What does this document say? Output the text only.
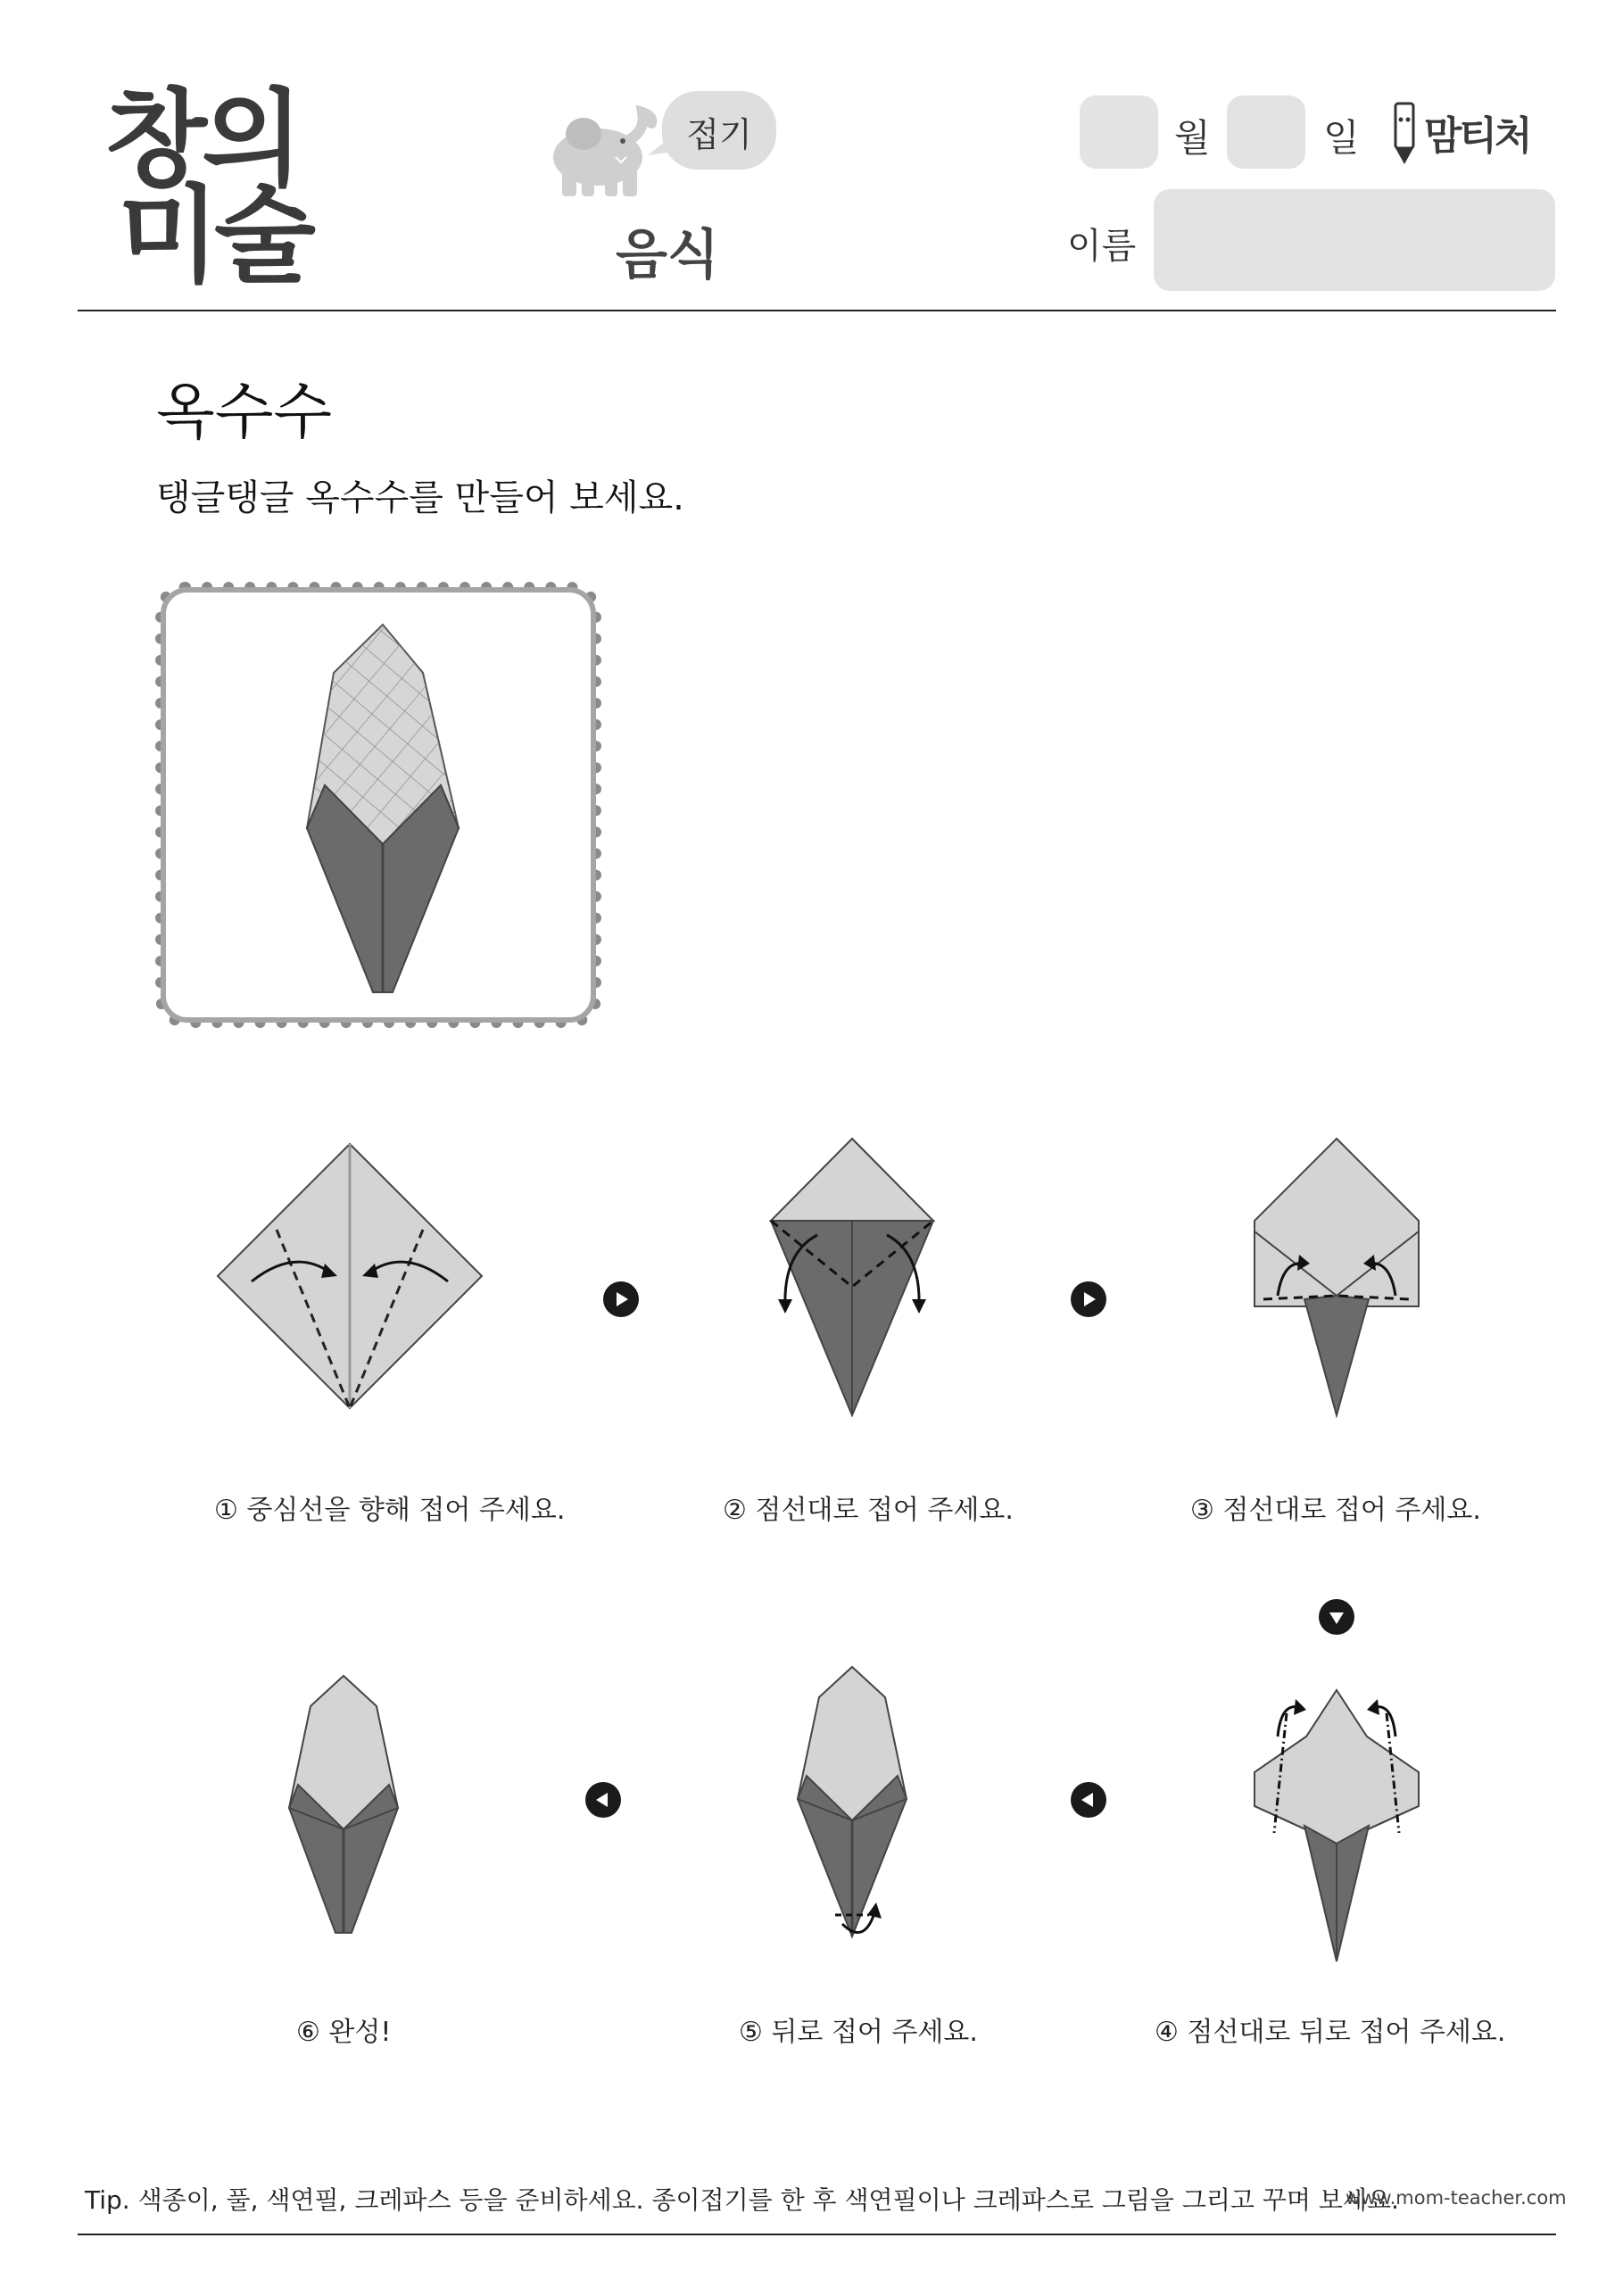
창의
미술
접기
음식
월	일 맘티처
이름
옥수수
탱글탱글 옥수수를 만들어 보세요.
① 중심선을 향해 접어 주세요.	② 점선대로 접어 주세요.	③ 점선대로 접어 주세요.
⑥ 완성!	⑤ 뒤로 접어 주세요.	④ 점선대로 뒤로 접어 주세요.
Tip. 색종이, 풀, 색연필, 크레파스 등을 준비하세요. 종이접기를 한 후 색연필이나 크레파스로 그림을 그리고 꾸며 보세요.
www.mom-teacher.com
